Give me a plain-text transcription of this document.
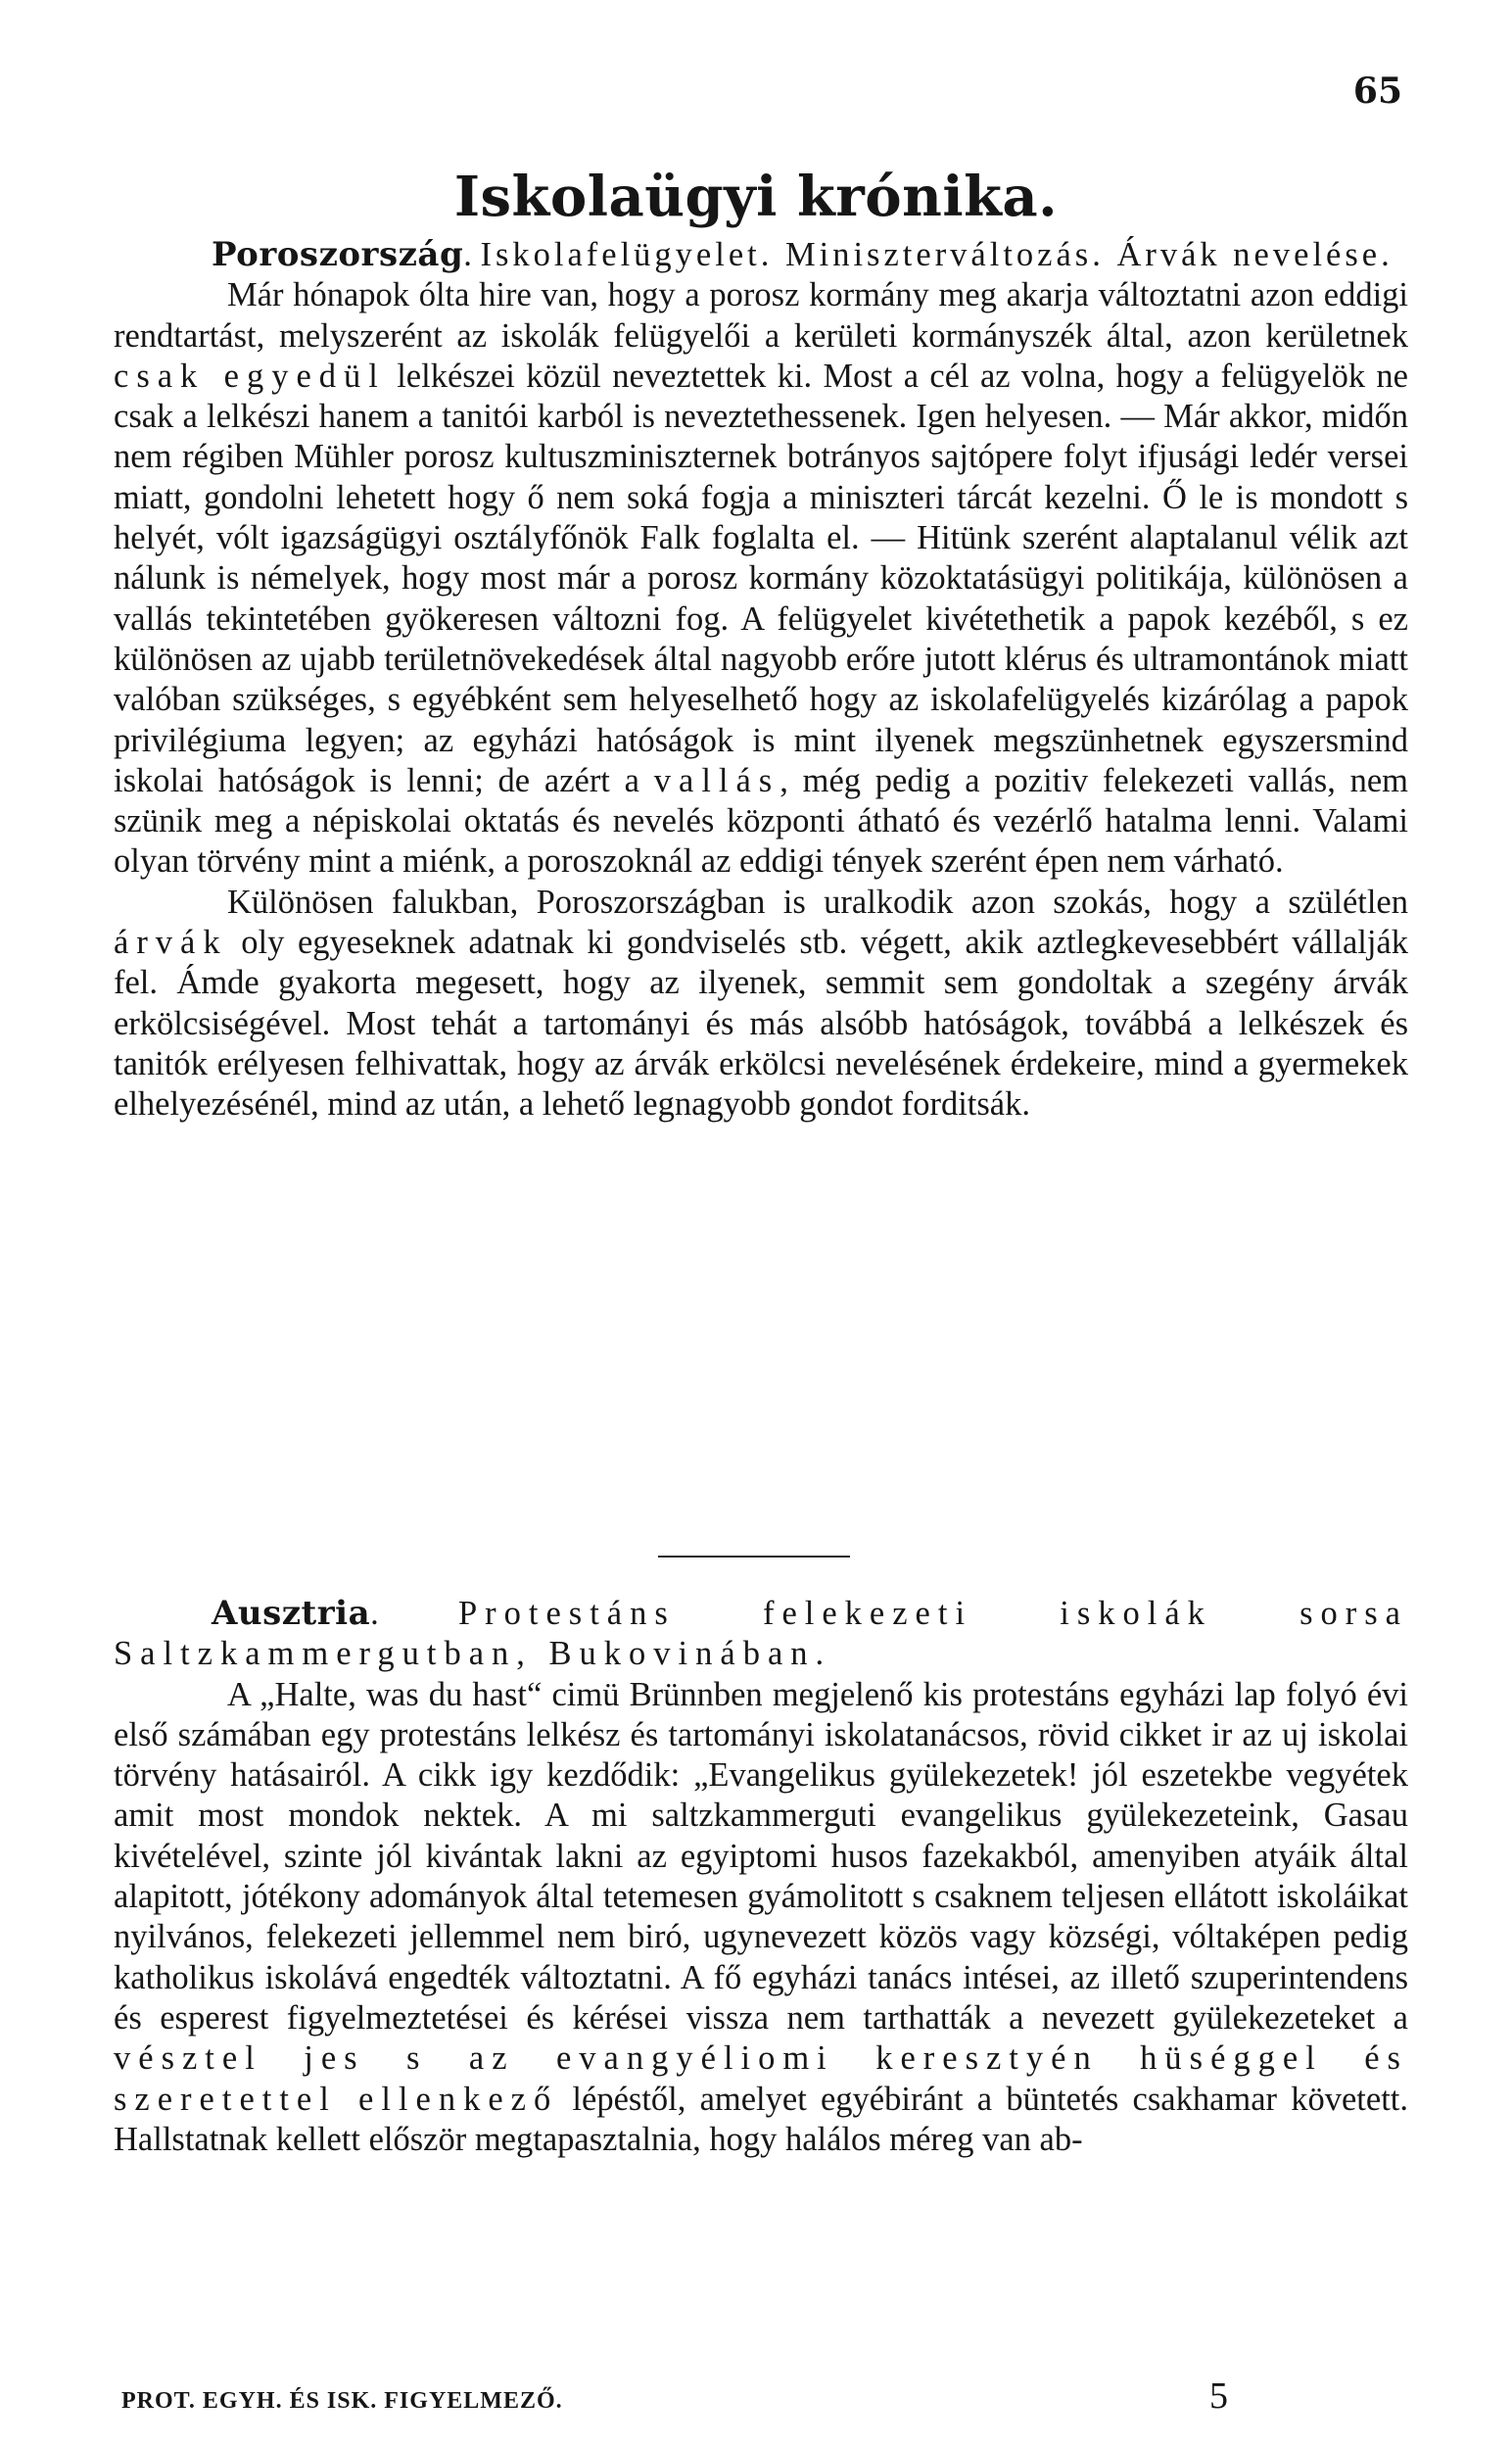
65
Iskolaügyi krónika.

Poroszország. Iskolafelügyelet. Miniszterváltozás. Árvák nevelése.

Már hónapok ólta hire van, hogy a porosz kormány meg akarja változtatni azon eddigi rendtartást, melyszerént az iskolák felügyelői a kerületi kormányszék által, azon kerületnek csak egyedül lelkészei közül neveztettek ki. Most a cél az volna, hogy a felügyelök ne csak a lelkészi hanem a tanitói karból is neveztethessenek. Igen helyesen. — Már akkor, midőn nem régiben Mühler porosz kultuszminiszternek botrányos sajtópere folyt ifjusági ledér versei miatt, gondolni lehetett hogy ő nem soká fogja a miniszteri tárcát kezelni. Ő le is mondott s helyét, vólt igazságügyi osztályfőnök Falk foglalta el. — Hitünk szerént alaptalanul vélik azt nálunk is némelyek, hogy most már a porosz kormány közoktatásügyi politikája, különösen a vallás tekintetében gyökeresen változni fog. A felügyelet kivétethetik a papok kezéből, s ez különösen az ujabb területnövekedések által nagyobb erőre jutott klérus és ultramontánok miatt valóban szükséges, s egyébként sem helyeselhető hogy az iskolafelügyelés kizárólag a papok privilégiuma legyen; az egyházi hatóságok is mint ilyenek megszünhetnek egyszersmind iskolai hatóságok is lenni; de azért a vallás, még pedig a pozitiv felekezeti vallás, nem szünik meg a népiskolai oktatás és nevelés központi átható és vezérlő hatalma lenni. Valami olyan törvény mint a miénk, a poroszoknál az eddigi tények szerént épen nem várható.

Különösen falukban, Poroszországban is uralkodik azon szokás, hogy a szülétlen árvák oly egyeseknek adatnak ki gondviselés stb. végett, akik aztlegkevesebbért vállalják fel. Ámde gyakorta megesett, hogy az ilyenek, semmit sem gondoltak a szegény árvák erkölcsiségével. Most tehát a tartományi és más alsóbb hatóságok, továbbá a lelkészek és tanitók erélyesen felhivattak, hogy az árvák erkölcsi nevelésének érdekeire, mind a gyermekek elhelyezésénél, mind az után, a lehető legnagyobb gondot forditsák.

Ausztria. Protestáns felekezeti iskolák sorsa Saltzkammergutban, Bukovinában.

A „Halte, was du hast“ cimü Brünnben megjelenő kis protestáns egyházi lap folyó évi első számában egy protestáns lelkész és tartományi iskolatanácsos, rövid cikket ir az uj iskolai törvény hatásairól. A cikk igy kezdődik: „Evangelikus gyülekezetek! jól eszetekbe vegyétek amit most mondok nektek. A mi saltzkammerguti evangelikus gyülekezeteink, Gasau kivételével, szinte jól kivántak lakni az egyiptomi husos fazekakból, amenyiben atyáik által alapitott, jótékony adományok által tetemesen gyámolitott s csaknem teljesen ellátott iskoláikat nyilvános, felekezeti jellemmel nem biró, ugynevezett közös vagy községi, vóltaképen pedig katholikus iskolává engedték változtatni. A fő egyházi tanács intései, az illető szuperintendens és esperest figyelmeztetései és kérései vissza nem tarthatták a nevezett gyülekezeteket a vésztel jes s az evangyéliomi keresztyén hüséggel és szeretettel ellenkező lépéstől, amelyet egyébiránt a büntetés csakhamar követett. Hallstatnak kellett először megtapasztalnia, hogy halálos méreg van ab-

PROT. EGYH. ÉS ISK. FIGYELMEZŐ.	5
